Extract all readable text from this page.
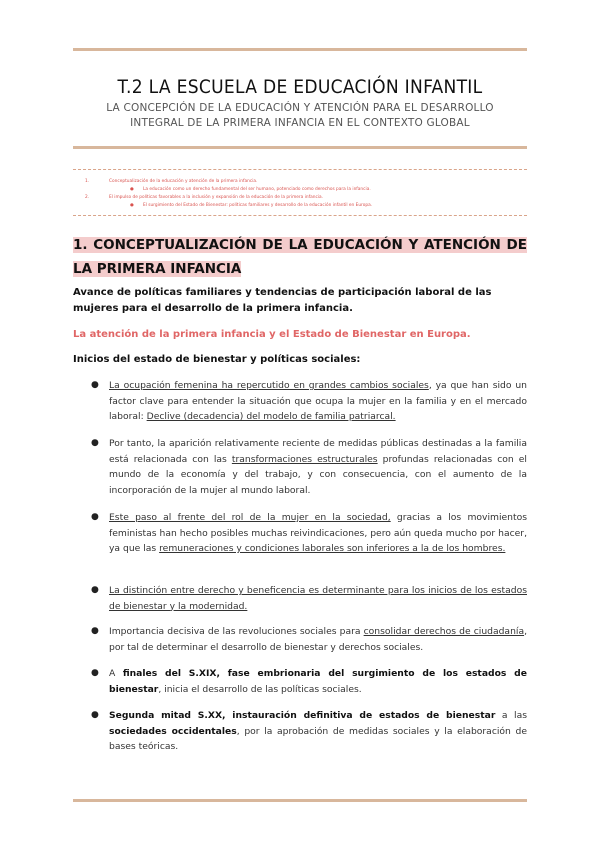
T.2 LA ESCUELA DE EDUCACIÓN INFANTIL
LA CONCEPCIÓN DE LA EDUCACIÓN Y ATENCIÓN PARA EL DESARROLLO INTEGRAL DE LA PRIMERA INFANCIA EN EL CONTEXTO GLOBAL
1.	Conceptualización de la educación y atención de la primera infancia.
● La educación como un derecho fundamental del ser humano, potenciado como derechos para la infancia.
2.	El impulso de políticas favorables a la inclusión y expansión de la educación de la primera infancia.
● El surgimiento del Estado de Bienestar: políticas familiares y desarrollo de la educación infantil en Europa.
1. CONCEPTUALIZACIÓN DE LA EDUCACIÓN Y ATENCIÓN DE LA PRIMERA INFANCIA
Avance de políticas familiares y tendencias de participación laboral de las mujeres para el desarrollo de la primera infancia.
La atención de la primera infancia y el Estado de Bienestar en Europa.
Inicios del estado de bienestar y políticas sociales:
● La ocupación femenina ha repercutido en grandes cambios sociales, ya que han sido un factor clave para entender la situación que ocupa la mujer en la familia y en el mercado laboral: Declive (decadencia) del modelo de familia patriarcal.
● Por tanto, la aparición relativamente reciente de medidas públicas destinadas a la familia está relacionada con las transformaciones estructurales profundas relacionadas con el mundo de la economía y del trabajo, y con consecuencia, con el aumento de la incorporación de la mujer al mundo laboral.
● Este paso al frente del rol de la mujer en la sociedad, gracias a los movimientos feministas han hecho posibles muchas reivindicaciones, pero aún queda mucho por hacer, ya que las remuneraciones y condiciones laborales son inferiores a la de los hombres.
● La distinción entre derecho y beneficencia es determinante para los inicios de los estados de bienestar y la modernidad.
● Importancia decisiva de las revoluciones sociales para consolidar derechos de ciudadanía, por tal de determinar el desarrollo de bienestar y derechos sociales.
● A finales del S.XIX, fase embrionaria del surgimiento de los estados de bienestar, inicia el desarrollo de las políticas sociales.
● Segunda mitad S.XX, instauración definitiva de estados de bienestar a las sociedades occidentales, por la aprobación de medidas sociales y la elaboración de bases teóricas.
